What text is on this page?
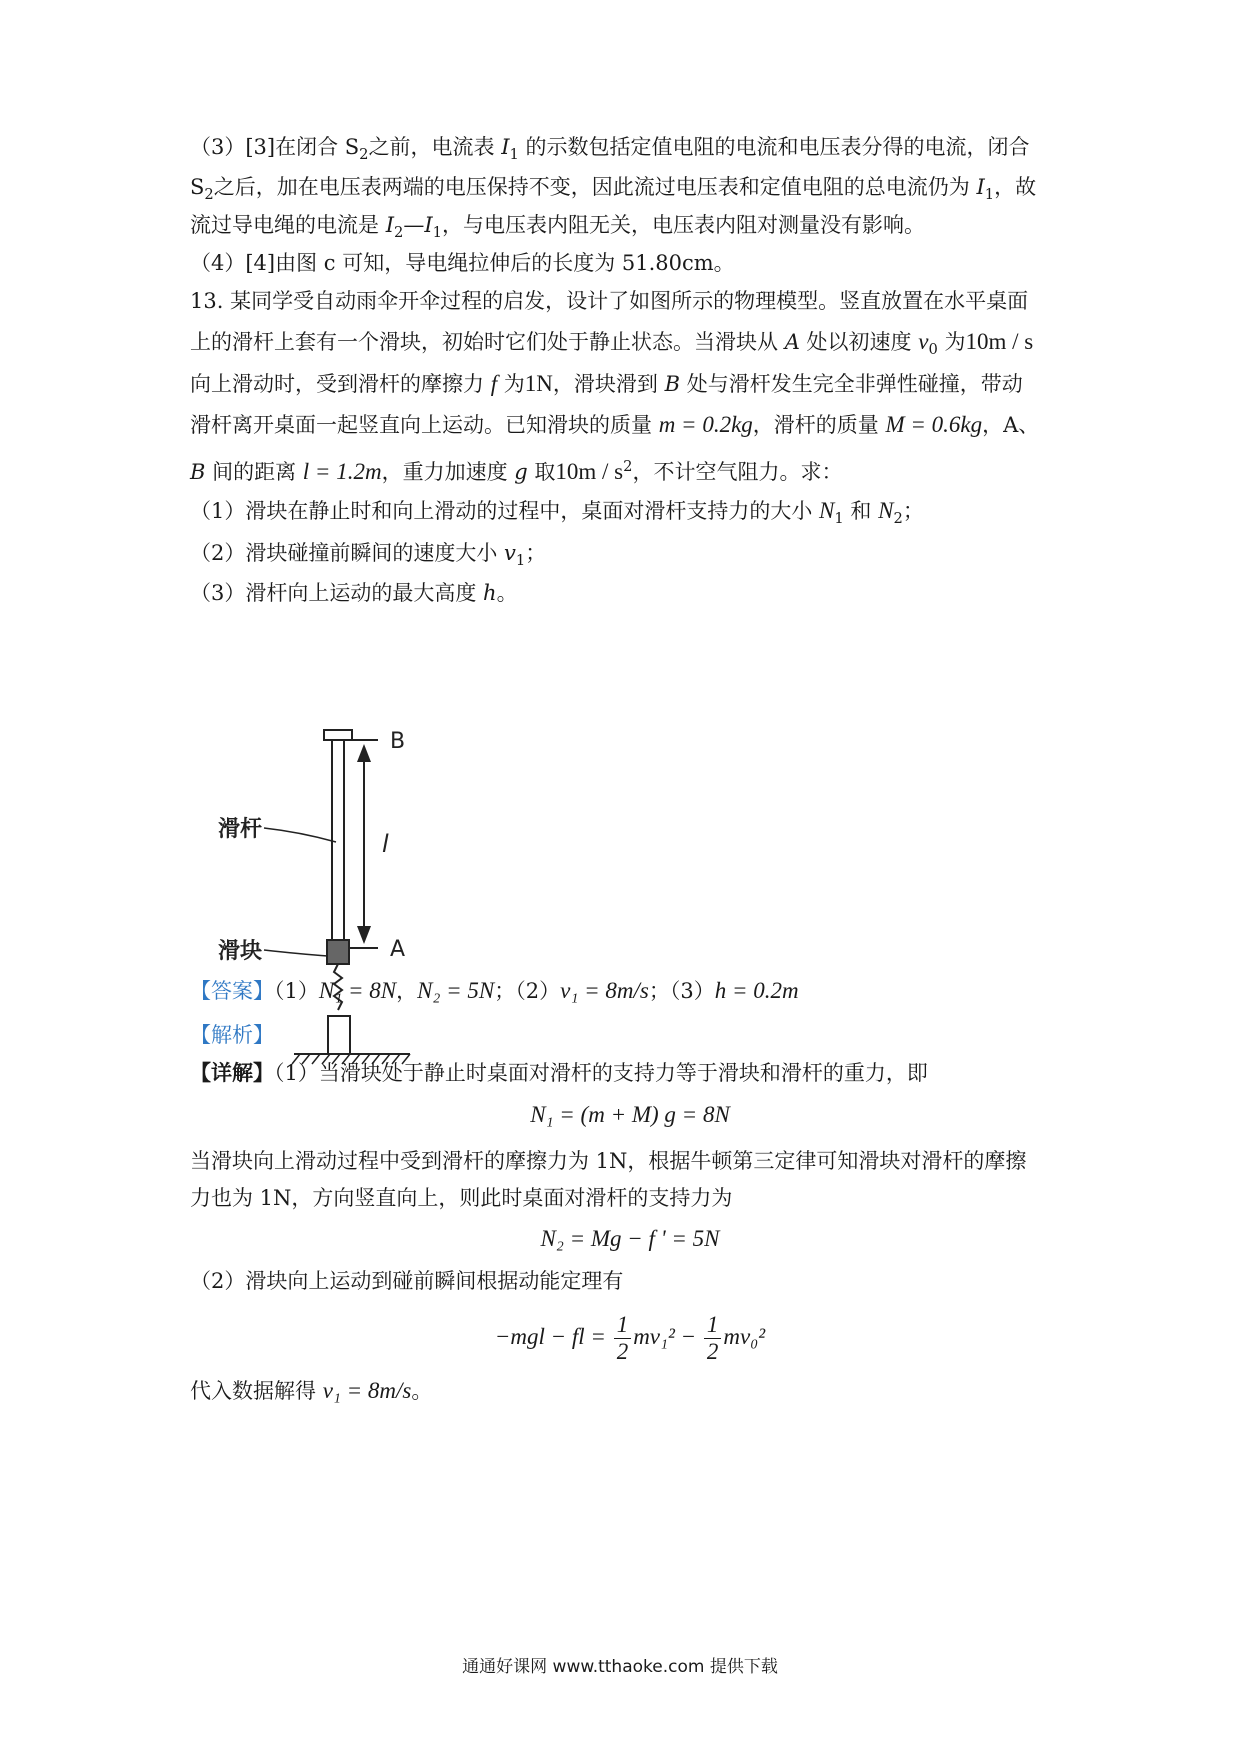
（3）[3]在闭合 $S_2$之前，电流表 $I_1$ 的示数包括定值电阻的电流和电压表分得的电流，闭合
$S_2$之后，加在电压表两端的电压保持不变，因此流过电压表和定值电阻的总电流仍为 $I_1$，故
流过导电绳的电流是 $I_2—I_1$，与电压表内阻无关，电压表内阻对测量没有影响。
（4）[4]由图 c 可知，导电绳拉伸后的长度为 51.80cm。
13. 某同学受自动雨伞开伞过程的启发，设计了如图所示的物理模型。竖直放置在水平桌面
上的滑杆上套有一个滑块，初始时它们处于静止状态。当滑块从 A 处以初速度 $v_0$ 为10m / s
向上滑动时，受到滑杆的摩擦力 f 为1N，滑块滑到 B 处与滑杆发生完全非弹性碰撞，带动
滑杆离开桌面一起竖直向上运动。已知滑块的质量 m = 0.2kg，滑杆的质量 M = 0.6kg，A、
B 间的距离 l = 1.2m，重力加速度 g 取$10m / s^2$，不计空气阻力。求：
（1）滑块在静止时和向上滑动的过程中，桌面对滑杆支持力的大小 $N_1$ 和 $N_2$；
（2）滑块碰撞前瞬间的速度大小 $v_1$；
（3）滑杆向上运动的最大高度 h。
B
A
l
滑杆
滑块
【答案】（1）N₁ = 8N，N₂ = 5N；（2）v₁ = 8m/s；（3）h = 0.2m
【解析】
【详解】（1）当滑块处于静止时桌面对滑杆的支持力等于滑块和滑杆的重力，即
N₁ = (m + M) g = 8N
当滑块向上滑动过程中受到滑杆的摩擦力为 1N，根据牛顿第三定律可知滑块对滑杆的摩擦
力也为 1N，方向竖直向上，则此时桌面对滑杆的支持力为
N₂ = Mg − f ' = 5N
（2）滑块向上运动到碰前瞬间根据动能定理有
−mgl − fl = $\frac{1}{2} mv_1^2 - \frac{1}{2} mv_0^2$
代入数据解得 v₁ = 8m/s。
通通好课网 www.tthaoke.com 提供下载
